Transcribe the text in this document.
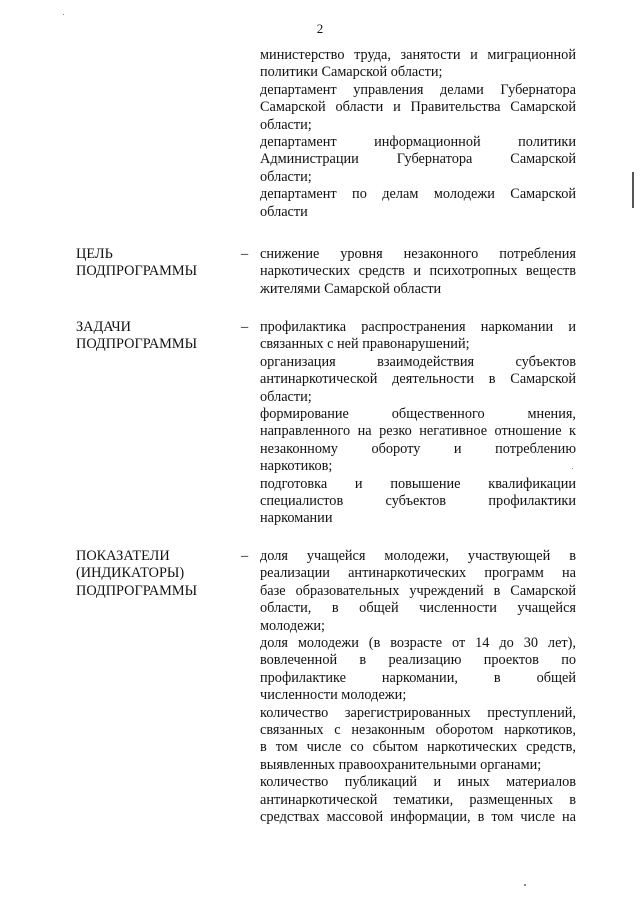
2
министерство труда, занятости и миграционной
политики Самарской области;
департамент управления делами Губернатора
Самарской области и Правительства Самарской
области;
департамент информационной политики
Администрации Губернатора Самарской
области;
департамент по делам молодежи Самарской
области
ЦЕЛЬ
ПОДПРОГРАММЫ
– снижение уровня незаконного потребления
наркотических средств и психотропных веществ
жителями Самарской области
ЗАДАЧИ
ПОДПРОГРАММЫ
– профилактика распространения наркомании и
связанных с ней правонарушений;
организация взаимодействия субъектов
антинаркотической деятельности в Самарской
области;
формирование общественного мнения,
направленного на резко негативное отношение к
незаконному обороту и потреблению
наркотиков;
подготовка и повышение квалификации
специалистов субъектов профилактики
наркомании
ПОКАЗАТЕЛИ
(ИНДИКАТОРЫ)
ПОДПРОГРАММЫ
– доля учащейся молодежи, участвующей в
реализации антинаркотических программ на
базе образовательных учреждений в Самарской
области, в общей численности учащейся
молодежи;
доля молодежи (в возрасте от 14 до 30 лет),
вовлеченной в реализацию проектов по
профилактике наркомании, в общей
численности молодежи;
количество зарегистрированных преступлений,
связанных с незаконным оборотом наркотиков,
в том числе со сбытом наркотических средств,
выявленных правоохранительными органами;
количество публикаций и иных материалов
антинаркотической тематики, размещенных в
средствах массовой информации, в том числе на
